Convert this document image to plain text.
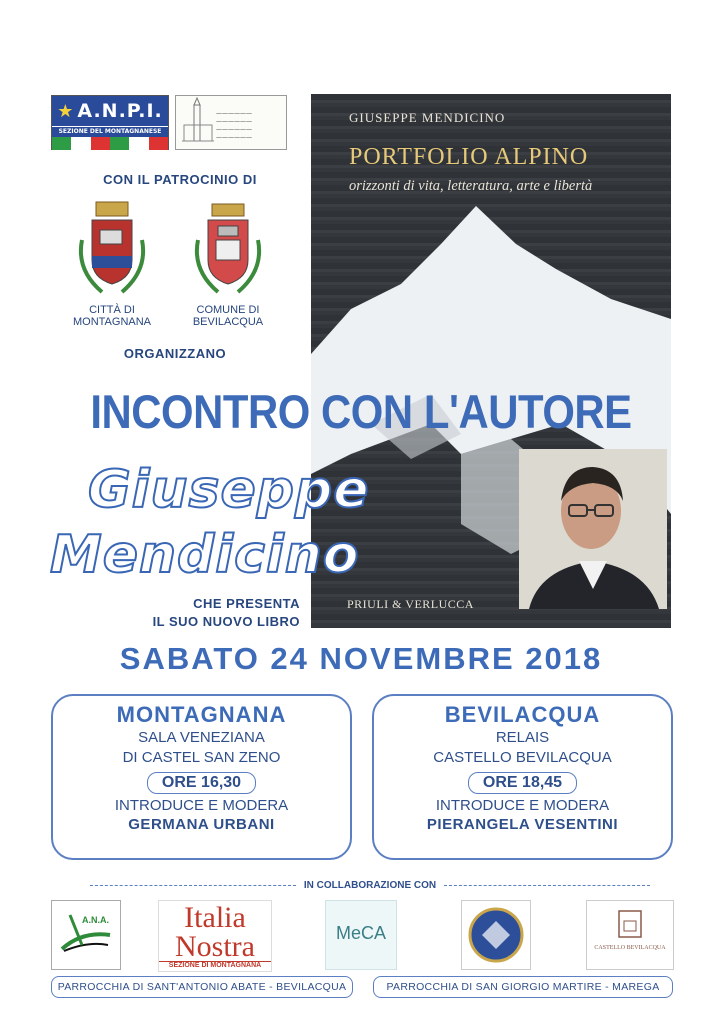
★ A.N.P.I.
SEZIONE DEL MONTAGNANESE
——————
——————
——————
——————
CON IL PATROCINIO DI
CITTÀ DI
MONTAGNANA
COMUNE DI
BEVILACQUA
ORGANIZZANO
GIUSEPPE MENDICINO
PORTFOLIO ALPINO
orizzonti di vita, letteratura, arte e libertà
PRIULI & VERLUCCA
INCONTRO CON L'AUTORE
Giuseppe
Mendicino
CHE PRESENTA
IL SUO NUOVO LIBRO
SABATO 24 NOVEMBRE 2018
MONTAGNANA
SALA VENEZIANA
DI CASTEL SAN ZENO
ORE 16,30
INTRODUCE E MODERA
GERMANA URBANI
BEVILACQUA
RELAIS
CASTELLO BEVILACQUA
ORE 18,45
INTRODUCE E MODERA
PIERANGELA VESENTINI
IN COLLABORAZIONE CON
A.N.A.	Italia
Nostra
SEZIONE DI MONTAGNANA
MeCA
CASTELLO BEVILACQUA
PARROCCHIA DI SANT'ANTONIO ABATE - BEVILACQUA	PARROCCHIA DI SAN GIORGIO MARTIRE - MAREGA
